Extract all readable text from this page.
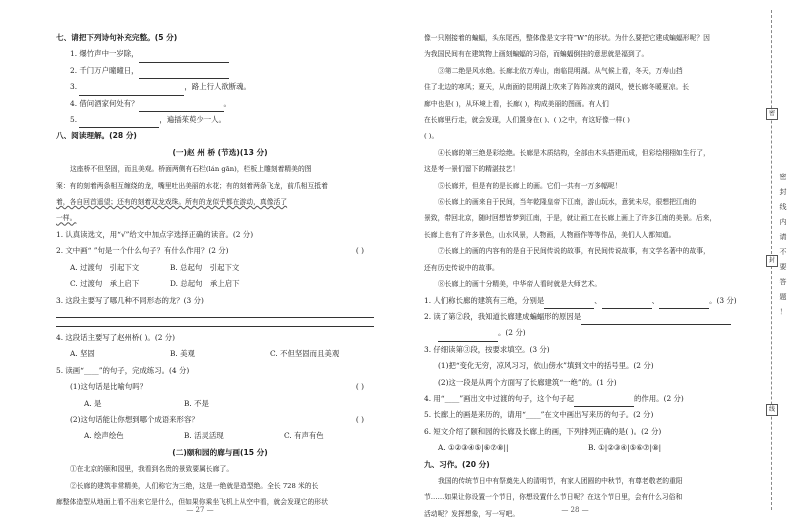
七、请把下列诗句补充完整。(5 分)
1. 爆竹声中一岁除，
2. 千门万户曈曈日，
3.	，路上行人欲断魂。
4. 借问酒家何处有？	。
5.	，遍插茱萸少一人。
八、阅读理解。(28 分)
(一)赵 州 桥 (节选)(13 分)
这座桥不但坚固，而且美观。桥面两侧有石栏(lán gān)，栏板上雕刻着精美的图
案：有的刻着两条相互缠绕的龙，嘴里吐出美丽的水花；有的刻着两条飞龙，前爪相互抵着
着，各自回首遥望；还有的刻着双龙戏珠。所有的龙似乎都在游动，真像活了
一样。
1. 认真读选文，用“√”给文中加点字选择正确的读音。(2 分)
2. 文中画“ ”句是一个什么句子？有什么作用？(2 分)	( )
A. 过渡句　引起下文	B. 总起句　引起下文
C. 过渡句　承上启下	D. 总起句　承上启下
3. 这段主要写了哪几种不同形态的龙？(3 分)
4. 这段话主要写了赵州桥( )。(2 分)
A. 坚固	B. 美观	C. 不但坚固而且美观
5. 读画“____”的句子，完成练习。(4 分)
(1)这句话是比喻句吗？	( )
A. 是	B. 不是
(2)这句话能让你想到哪个成语来形容？	( )
A. 绘声绘色	B. 活灵活现	C. 有声有色
(二)颐和园的廊与画(15 分)
①在北京的颐和园里，我看到名贵的景致要属长廊了。
②长廊的建筑非常精美，人们称它为三绝，这是一绝就是造型绝。全长 728 米的长
廊整体造型从地面上看不出来它是什么，但如果你乘坐飞机上从空中看，就会发现它的形状
— 27 —
像一只刚接着的蝙蝠，头东尾西，整体像是文字符“W”的形状。为什么要把它建成蝙蝠形呢？因
为我国民间有在建筑物上画刻蝙蝠的习俗，而蝙蝠倒挂的意思就是福到了。
③第二绝是风水绝。长廊北依万寿山，南临昆明湖。从气候上看，冬天，万寿山挡
住了北边的寒风；夏天，从南面的昆明湖上吹来了阵阵凉爽的湖风，使长廊冬暖夏凉。长
廊中也是( )，从环境上看，长廊( )，构成美丽的图画。有人们
在长廊里行走，就会发现，人们置身在( )、( )之中，有这好像一样( )
( )。
④长廊的第三绝是彩绘绝。长廊是木质结构，全部由木头搭建而成，但彩绘栩栩如生行了，
这是考一景们留下的精湛技艺！
⑤长廊并，但是有的是长廊上的画。它们一共有一万多幅呢！
⑥长廊上的画来自于民间，当年乾隆皇帝下江南，游山玩水，意犹未尽，很想把江南的
景致，带回北京，随时回想皆梦到江南，于是，就让画工在长廊上画上了许多江南的美景。后来，
长廊上也有了许多景色，山水风景，人物画，人物画作等等作品，美们人人都知道。
⑦长廊上的画的内容有的是自于民间传说的故事，有民间传说故事，有文学名著中的故事，
还有历史传说中的故事。
⑧长廊上的画十分精美，中华帝人看时就是大师艺术。
1. 人们称长廊的建筑有三绝，分别是	、	、	。(3 分)
2. 读了第②段，我知道长廊建成蝙蝠形的原因是
。(2 分)
3. 仔细读第③段，按要求填空。(3 分)
(1)把“变化无穷，凉风习习，依山傍水”填到文中的括号里。(2 分)
(2)这一段是从两个方面写了长廊建筑“一绝”的。(1 分)
4. 用“____”画出文中过渡的句子，这个句子起	的作用。(2 分)
5. 长廊上的画是来历的，请用“____”在文中画出写来历的句子。(2 分)
6. 短文介绍了颐和园的长廊及长廊上的画，下列排列正确的是( )。(2 分)
A. ①②③④⑤|⑥⑦⑧||	B. ①|②③④|⑤⑥⑦|⑧|
九、习作。(20 分)
我国的传统节日中有祭奠先人的清明节，有家人团圆的中秋节，有尊老敬老的重阳
节……如果让你设置一个节日，你想设置什么节日呢？在这个节日里，会有什么习俗和
活动呢？发挥想象，写一写吧。	— 28 —
密
封
线
密
封
线
内
请
不
要
答
题
！
